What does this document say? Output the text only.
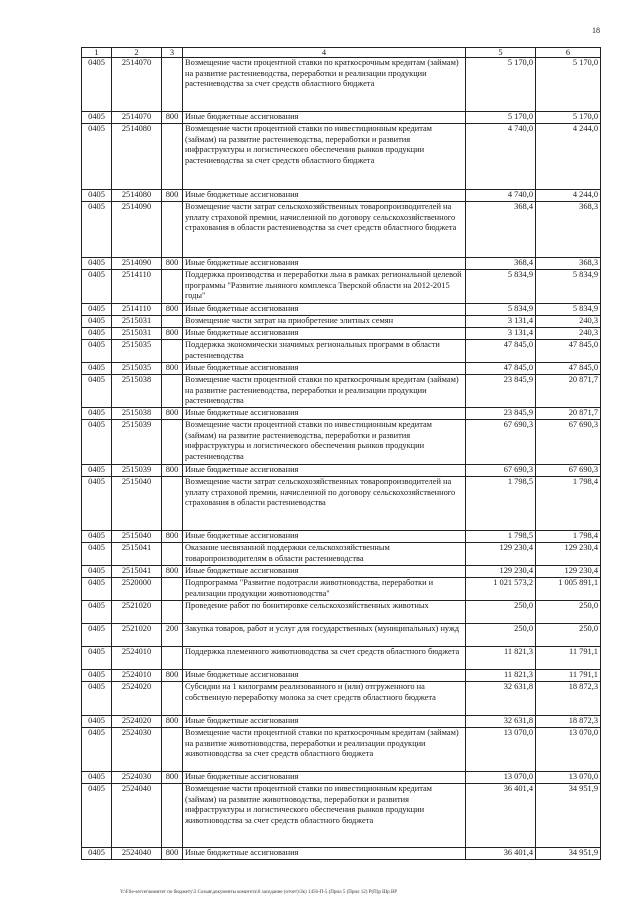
18
1	2	3	4	5	6
0405	2514070		Возмещение части процентной ставки по краткосрочным кредитам (займам) на развитие растениеводства, переработки и реализации продукции растениеводства за счет средств областного бюджета	5 170,0	5 170,0
0405	2514070	800	Иные бюджетные ассигнования	5 170,0	5 170,0
0405	2514080		Возмещение части процентной ставки по инвестиционным кредитам (займам) на развитие растениеводства, переработки и развития инфраструктуры и логистического обеспечения рынков продукции растениеводства за счет средств областного бюджета	4 740,0	4 244,0
0405	2514080	800	Иные бюджетные ассигнования	4 740,0	4 244,0
0405	2514090		Возмещение части затрат сельскохозяйственных товаропроизводителей на уплату страховой премии, начисленной по договору сельскохозяйственного страхования в области растениеводства за счет средств областного бюджета	368,4	368,3
0405	2514090	800	Иные бюджетные ассигнования	368,4	368,3
0405	2514110		Поддержка производства и переработки льна в рамках региональной целевой программы "Развитие льняного комплекса Тверской области на 2012-2015 годы"	5 834,9	5 834,9
0405	2514110	800	Иные бюджетные ассигнования	5 834,9	5 834,9
0405	2515031		Возмещение части затрат на приобретение элитных семян	3 131,4	240,3
0405	2515031	800	Иные бюджетные ассигнования	3 131,4	240,3
0405	2515035		Поддержка экономически значимых региональных программ в области растениеводства	47 845,0	47 845,0
0405	2515035	800	Иные бюджетные ассигнования	47 845,0	47 845,0
0405	2515038		Возмещение части процентной ставки по краткосрочным кредитам (займам) на развитие растениеводства, переработки и реализации продукции растениеводства	23 845,9	20 871,7
0405	2515038	800	Иные бюджетные ассигнования	23 845,9	20 871,7
0405	2515039		Возмещение части процентной ставки по инвестиционным кредитам (займам) на развитие растениеводства, переработки и развития инфраструктуры и логистического обеспечения рынков продукции растениеводства	67 690,3	67 690,3
0405	2515039	800	Иные бюджетные ассигнования	67 690,3	67 690,3
0405	2515040		Возмещение части затрат сельскохозяйственных товаропроизводителей на уплату страховой премии, начисленной по договору сельскохозяйственного страхования в области растениеводства	1 798,5	1 798,4
0405	2515040	800	Иные бюджетные ассигнования	1 798,5	1 798,4
0405	2515041		Оказание несвязанной поддержки сельскохозяйственным товаропроизводителям в области растениеводства	129 230,4	129 230,4
0405	2515041	800	Иные бюджетные ассигнования	129 230,4	129 230,4
0405	2520000		Подпрограмма "Развитие подотрасли животноводства, переработки и реализации продукции животноводства"	1 021 573,2	1 005 891,1
0405	2521020		Проведение работ по бонитировке сельскохозяйственных животных	250,0	250,0
0405	2521020	200	Закупка товаров, работ и услуг для государственных (муниципальных) нужд	250,0	250,0
0405	2524010		Поддержка племенного животноводства за счет средств областного бюджета	11 821,3	11 791,1
0405	2524010	800	Иные бюджетные ассигнования	11 821,3	11 791,1
0405	2524020		Субсидии на 1 килограмм реализованного и (или) отгруженного на собственную переработку молока за счет средств областного бюджета	32 631,8	18 872,3
0405	2524020	800	Иные бюджетные ассигнования	32 631,8	18 872,3
0405	2524030		Возмещение части процентной ставки по краткосрочным кредитам (займам) на развитие животноводства, переработки и реализации продукции животноводства за счет средств областного бюджета	13 070,0	13 070,0
0405	2524030	800	Иные бюджетные ассигнования	13 070,0	13 070,0
0405	2524040		Возмещение части процентной ставки по инвестиционным кредитам (займам) на развитие животноводства, переработки и развития инфраструктуры и логистического обеспечения рынков продукции животноводства за счет средств областного бюджета	36 401,4	34 951,9
0405	2524040	800	Иные бюджетные ассигнования	36 401,4	34 951,9
Y:\File-server\комитет по бюджету\3 Созыв\документы комитета\6 заседание (отчет)\Зк) 1456-П-5 (Прил 5 (Прил 12) Р(П)р Шр ВР
